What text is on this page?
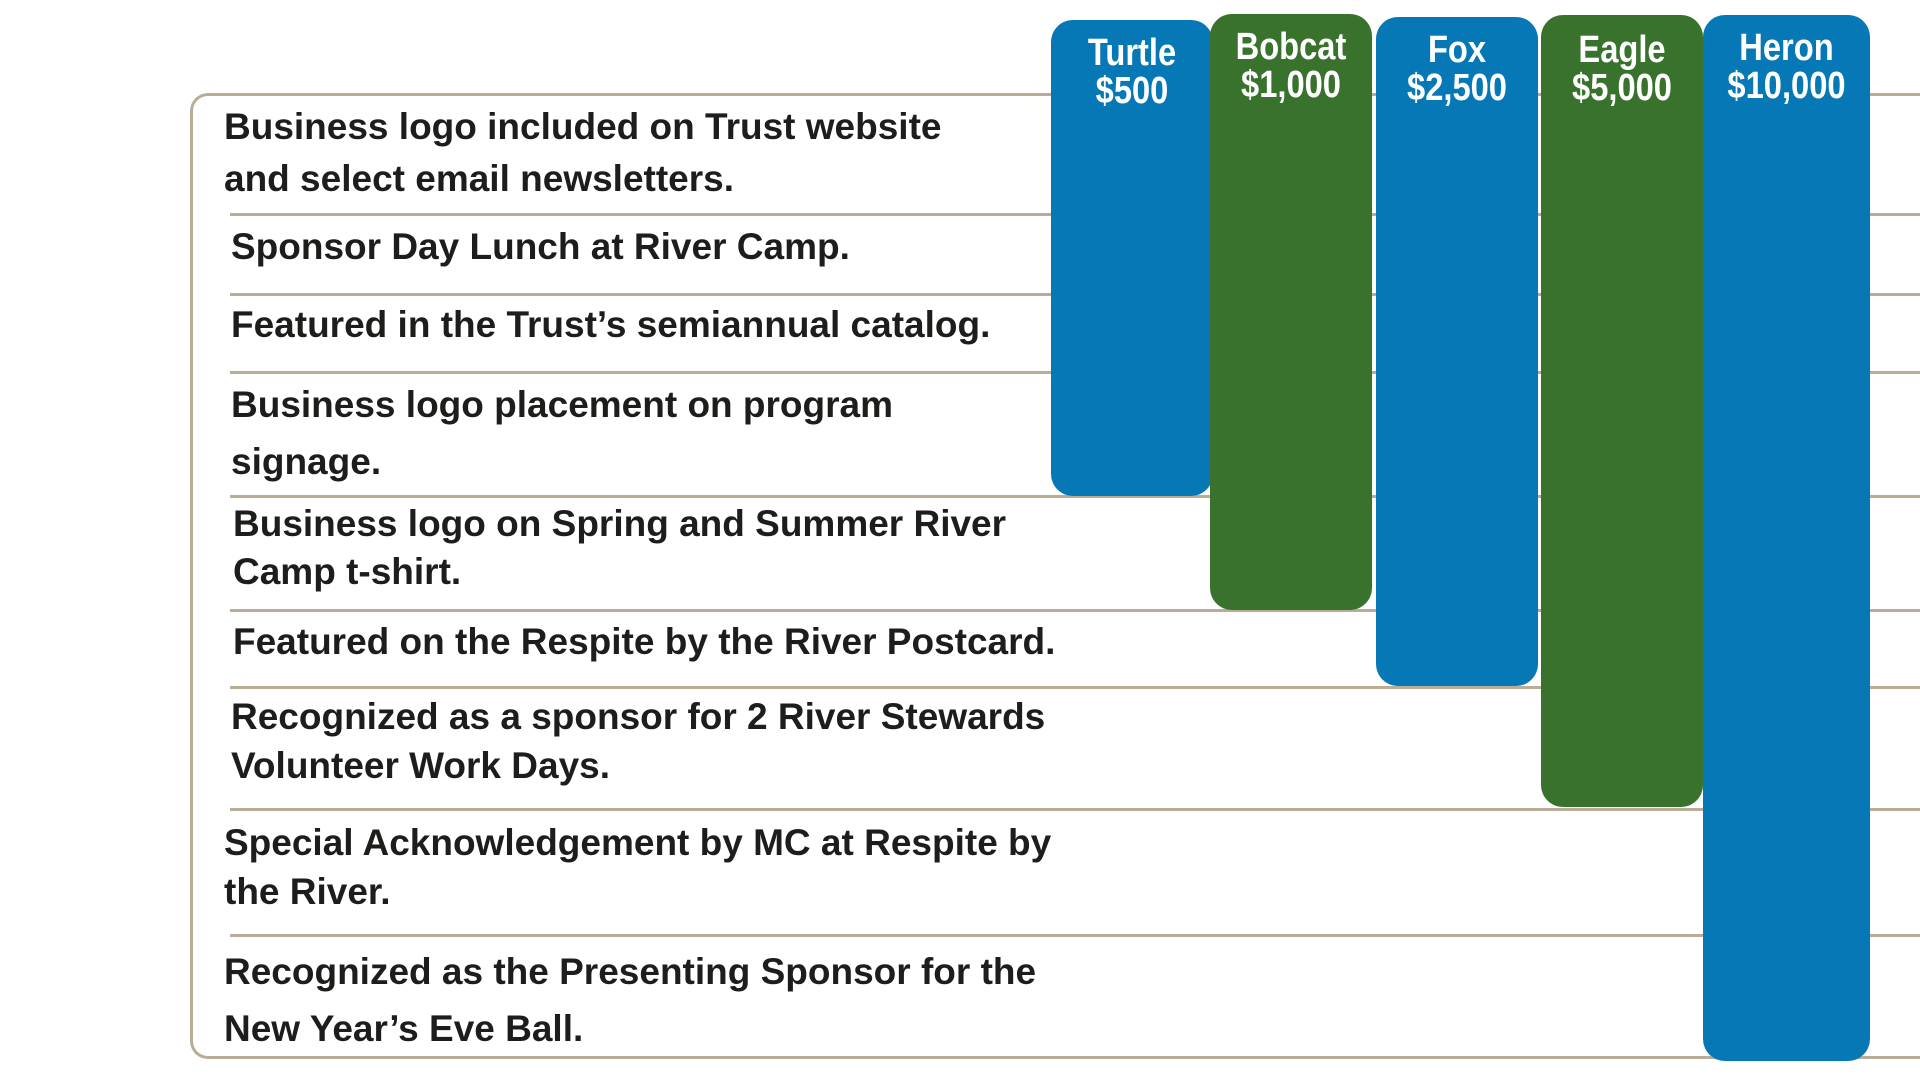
Business logo included on Trust website
and select email newsletters.
Sponsor Day Lunch at River Camp.
Featured in the Trust’s semiannual catalog.
Business logo placement on program
signage.
Business logo on Spring and Summer River
Camp t-shirt.
Featured on the Respite by the River Postcard.
Recognized as a sponsor for 2 River Stewards
Volunteer Work Days.
Special Acknowledgement by MC at Respite by
the River.
Recognized as the Presenting Sponsor for the
New Year’s Eve Ball.
Turtle
$500
Bobcat
$1,000
Fox
$2,500
Eagle
$5,000
Heron
$10,000
